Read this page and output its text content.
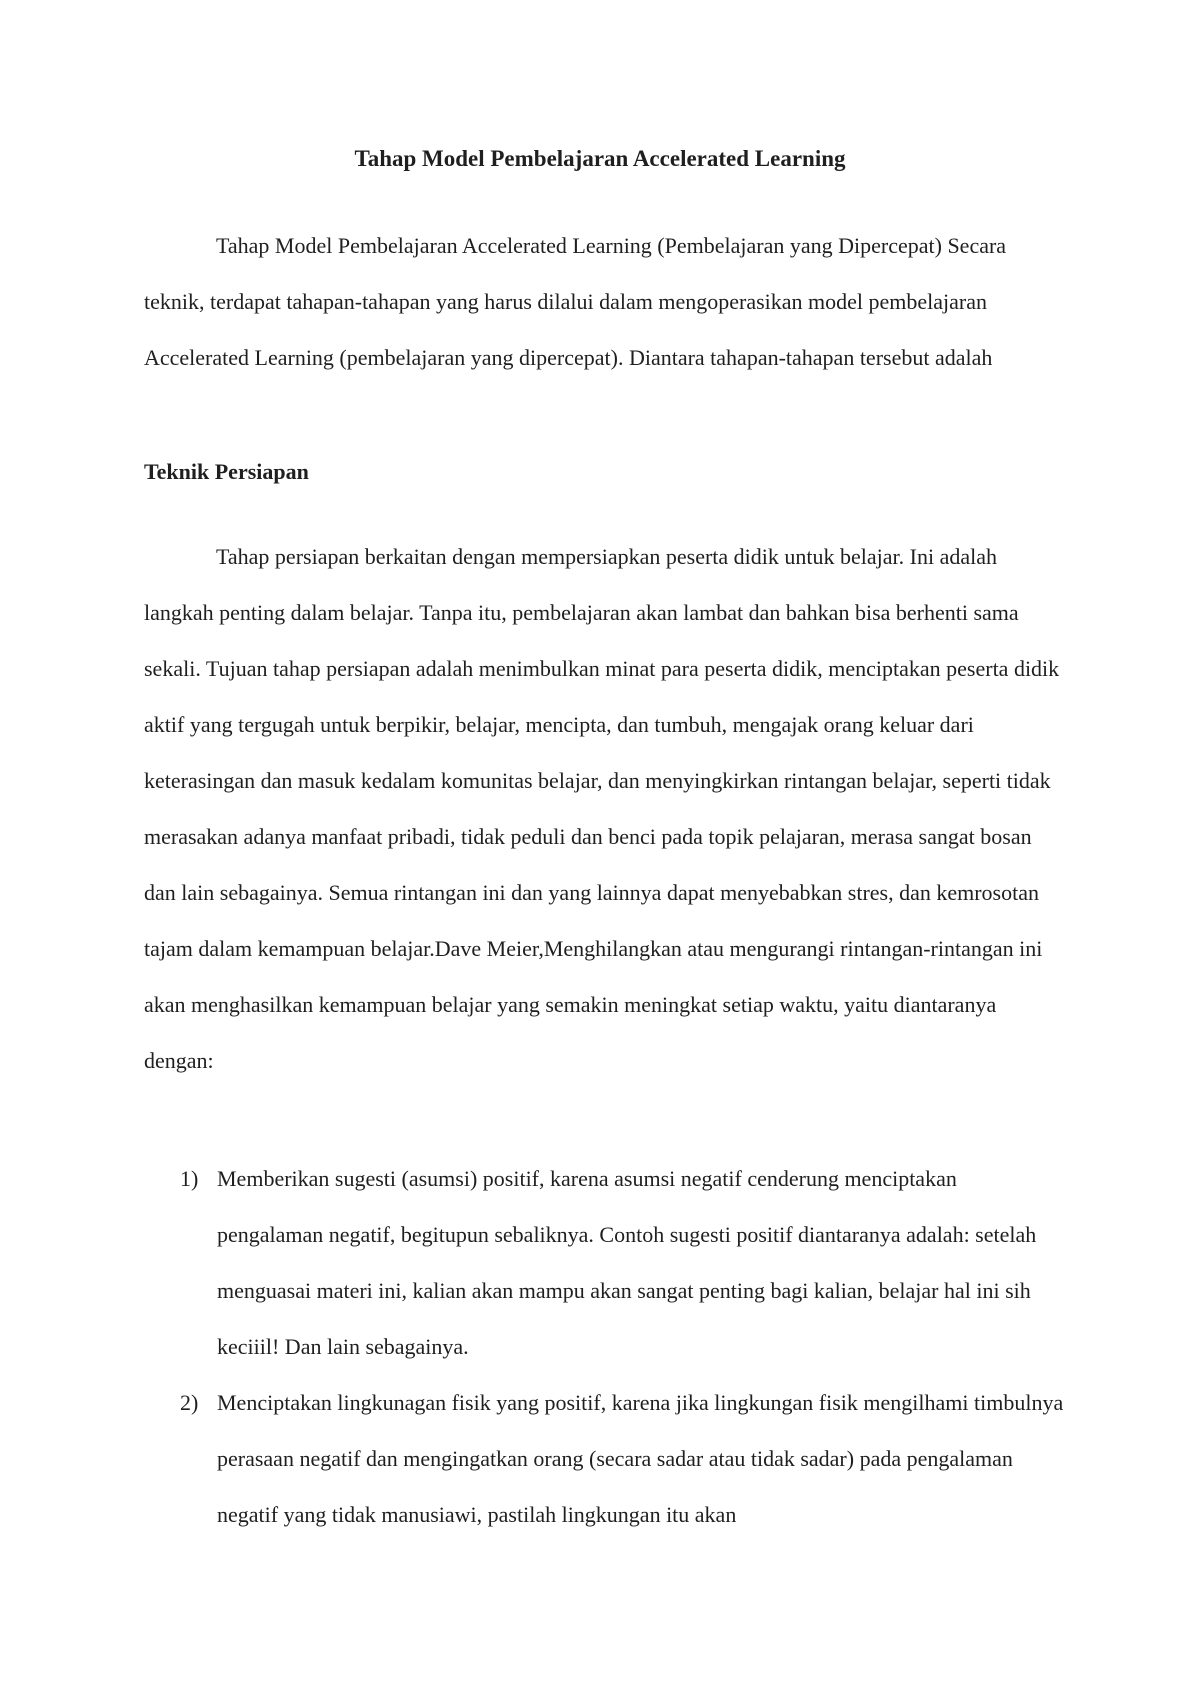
Tahap Model Pembelajaran Accelerated Learning

Tahap Model Pembelajaran Accelerated Learning (Pembelajaran yang Dipercepat) Secara teknik, terdapat tahapan-tahapan yang harus dilalui dalam mengoperasikan model pembelajaran Accelerated Learning (pembelajaran yang dipercepat). Diantara tahapan-tahapan tersebut adalah

Teknik Persiapan

Tahap persiapan berkaitan dengan mempersiapkan peserta didik untuk belajar. Ini adalah langkah penting dalam belajar. Tanpa itu, pembelajaran akan lambat dan bahkan bisa berhenti sama sekali. Tujuan tahap persiapan adalah menimbulkan minat para peserta didik, menciptakan peserta didik aktif yang tergugah untuk berpikir, belajar, mencipta, dan tumbuh, mengajak orang keluar dari keterasingan dan masuk kedalam komunitas belajar, dan menyingkirkan rintangan belajar, seperti tidak merasakan adanya manfaat pribadi, tidak peduli dan benci pada topik pelajaran, merasa sangat bosan dan lain sebagainya. Semua rintangan ini dan yang lainnya dapat menyebabkan stres, dan kemrosotan tajam dalam kemampuan belajar.Dave Meier,Menghilangkan atau mengurangi rintangan-rintangan ini akan menghasilkan kemampuan belajar yang semakin meningkat setiap waktu, yaitu diantaranya dengan:

1) Memberikan sugesti (asumsi) positif, karena asumsi negatif cenderung menciptakan pengalaman negatif, begitupun sebaliknya. Contoh sugesti positif diantaranya adalah: setelah menguasai materi ini, kalian akan mampu akan sangat penting bagi kalian, belajar hal ini sih keciiil! Dan lain sebagainya.
2) Menciptakan lingkunagan fisik yang positif, karena jika lingkungan fisik mengilhami timbulnya perasaan negatif dan mengingatkan orang (secara sadar atau tidak sadar) pada pengalaman negatif yang tidak manusiawi, pastilah lingkungan itu akan
